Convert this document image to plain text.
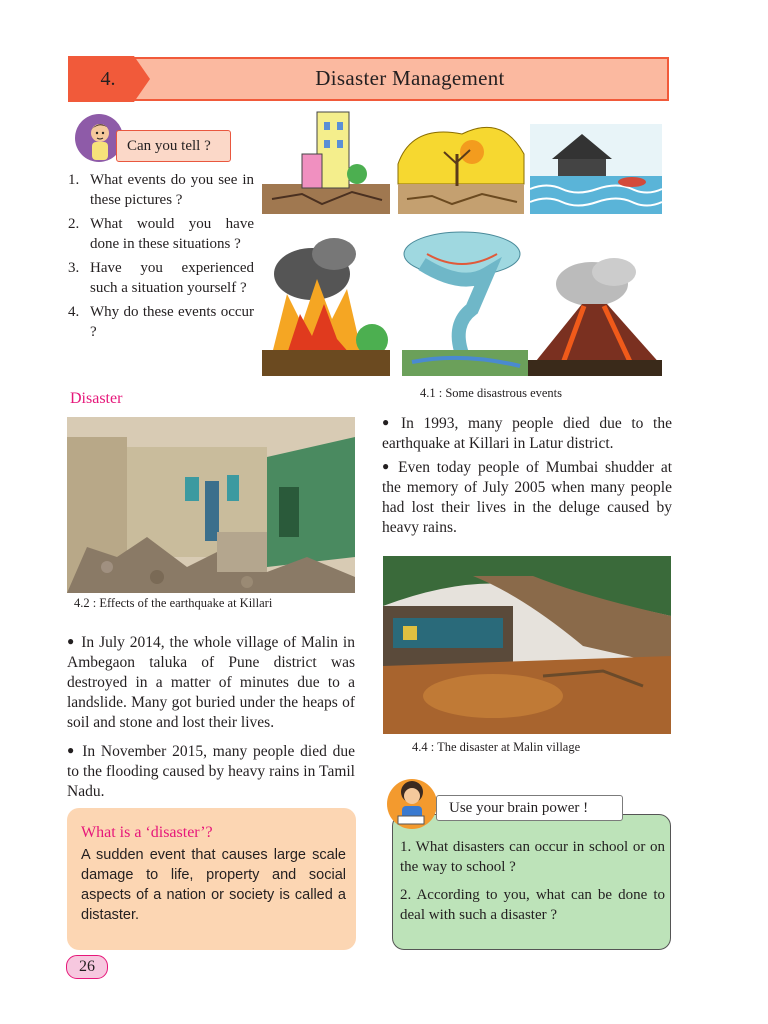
4.	Disaster Management
Can you tell ?
1. What events do you see in these pictures ?
2. What would you have done in these situations ?
3. Have you experienced such a situation yourself ?
4. Why do these events occur ?
4.1 : Some disastrous events
Disaster
4.2 : Effects of the earthquake at Killari

● In 1993, many people died due to the earthquake at Killari in Latur district.

● Even today people of Mumbai shudder at the memory of July 2005 when many people had lost their lives in the deluge caused by heavy rains.

4.4 : The disaster at Malin village

● In July 2014, the whole village of Malin in Ambegaon taluka of Pune district was destroyed in a matter of minutes due to a landslide. Many got buried under the heaps of soil and stone and lost their lives.

● In November 2015, many people died due to the flooding caused by heavy rains in Tamil Nadu.

What is a ‘disaster’?

A sudden event that causes large scale damage to life, property and social aspects of a nation or society is called a distaster.

Use your brain power !
1. What disasters can occur in school or on the way to school ?
2. According to you, what can be done to deal with such a disaster ?
26
